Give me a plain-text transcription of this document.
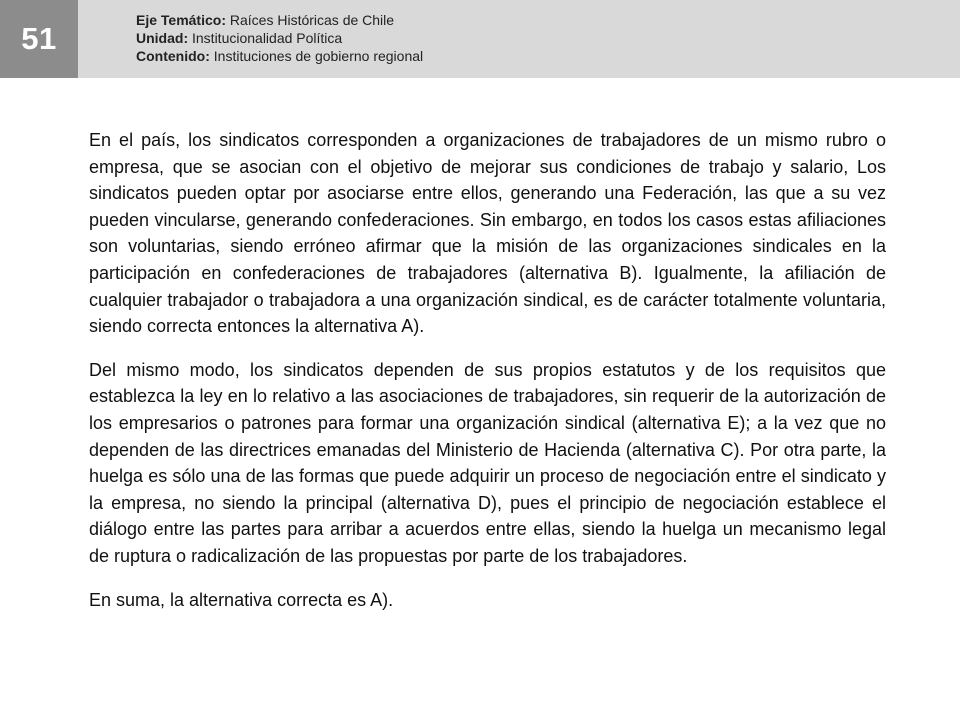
51
Eje Temático: Raíces Históricas de Chile
Unidad: Institucionalidad Política
Contenido: Instituciones de gobierno regional

En el país, los sindicatos corresponden a organizaciones de trabajadores de un mismo rubro o empresa, que se asocian con el objetivo de mejorar sus condiciones de trabajo y salario, Los sindicatos pueden optar por asociarse entre ellos, generando una Federación, las que a su vez pueden vincularse, generando confederaciones. Sin embargo, en todos los casos estas afiliaciones son voluntarias, siendo erróneo afirmar que la misión de las organizaciones sindicales en la participación en confederaciones de trabajadores (alternativa B). Igualmente, la afiliación de cualquier trabajador o trabajadora a una organización sindical, es de carácter totalmente voluntaria, siendo correcta entonces la alternativa A).

Del mismo modo, los sindicatos dependen de sus propios estatutos y de los requisitos que establezca la ley en lo relativo a las asociaciones de trabajadores, sin requerir de la autorización de los empresarios o patrones para formar una organización sindical (alternativa E); a la vez que no dependen de las directrices emanadas del Ministerio de Hacienda (alternativa C). Por otra parte, la huelga es sólo una de las formas que puede adquirir un proceso de negociación entre el sindicato y la empresa, no siendo la principal (alternativa D), pues el principio de negociación establece el diálogo entre las partes para arribar a acuerdos entre ellas, siendo la huelga un mecanismo legal de ruptura o radicalización de las propuestas por parte de los trabajadores.

En suma, la alternativa correcta es A).
